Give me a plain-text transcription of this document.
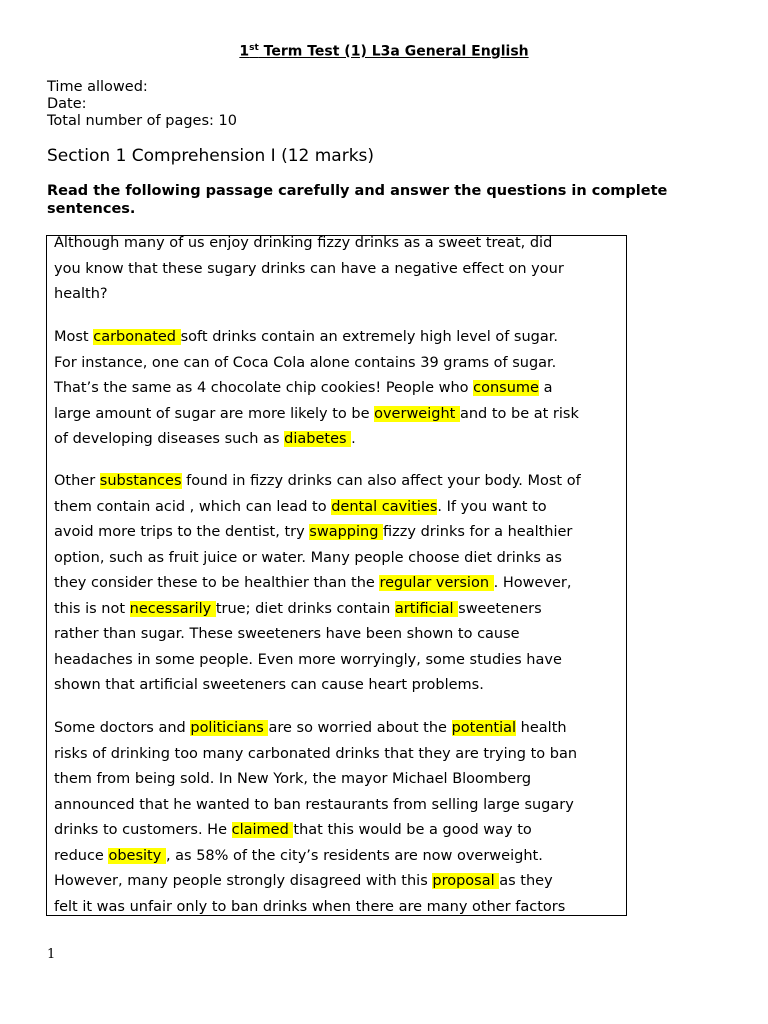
1st Term Test (1) L3a General English
Time allowed:
Date:
Total number of pages: 10
Section 1 Comprehension I (12 marks)
Read the following passage carefully and answer the questions in complete sentences.
Although many of us enjoy drinking fizzy drinks as a sweet treat, did
you know that these sugary drinks can have a negative effect on your
health?
Most carbonated soft drinks contain an extremely high level of sugar.
For instance, one can of Coca Cola alone contains 39 grams of sugar.
That’s the same as 4 chocolate chip cookies! People who consume a
large amount of sugar are more likely to be overweight and to be at risk
of developing diseases such as diabetes .
Other substances found in fizzy drinks can also affect your body. Most of
them contain acid , which can lead to dental cavities. If you want to
avoid more trips to the dentist, try swapping fizzy drinks for a healthier
option, such as fruit juice or water. Many people choose diet drinks as
they consider these to be healthier than the regular version . However,
this is not necessarily true; diet drinks contain artificial sweeteners
rather than sugar. These sweeteners have been shown to cause
headaches in some people. Even more worryingly, some studies have
shown that artificial sweeteners can cause heart problems.
Some doctors and politicians are so worried about the potential health
risks of drinking too many carbonated drinks that they are trying to ban
them from being sold. In New York, the mayor Michael Bloomberg
announced that he wanted to ban restaurants from selling large sugary
drinks to customers. He claimed that this would be a good way to
reduce obesity , as 58% of the city’s residents are now overweight.
However, many people strongly disagreed with this proposal as they
felt it was unfair only to ban drinks when there are many other factors
1
